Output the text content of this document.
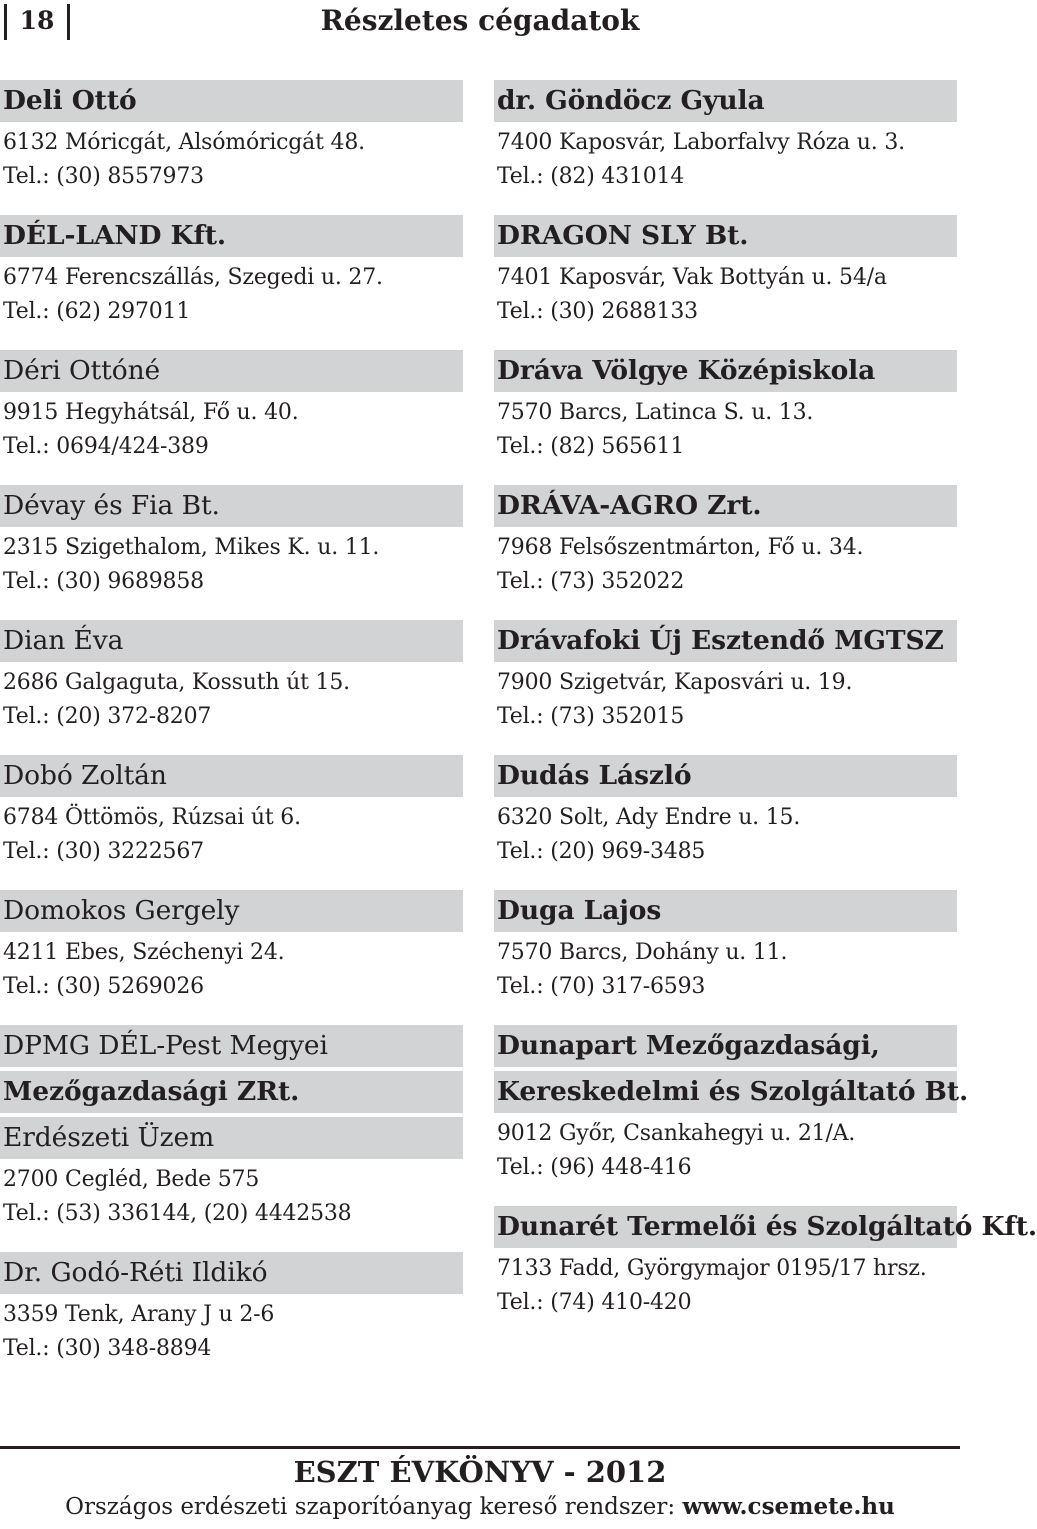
18	Részletes cégadatok
Deli Ottó
6132 Móricgát, Alsómóricgát 48.
Tel.: (30) 8557973
DÉL-LAND Kft.
6774 Ferencszállás, Szegedi u. 27.
Tel.: (62) 297011
Déri Ottóné
9915 Hegyhátsál, Fő u. 40.
Tel.: 0694/424-389
Dévay és Fia Bt.
2315 Szigethalom, Mikes K. u. 11.
Tel.: (30) 9689858
Dian Éva
2686 Galgaguta, Kossuth út 15.
Tel.: (20) 372-8207
Dobó Zoltán
6784 Öttömös, Rúzsai út 6.
Tel.: (30) 3222567
Domokos Gergely
4211 Ebes, Széchenyi 24.
Tel.: (30) 5269026
DPMG DÉL-Pest Megyei
Mezőgazdasági ZRt.
Erdészeti Üzem
2700 Cegléd, Bede 575
Tel.: (53) 336144, (20) 4442538
Dr. Godó-Réti Ildikó
3359 Tenk, Arany J u 2-6
Tel.: (30) 348-8894
dr. Göndöcz Gyula
7400 Kaposvár, Laborfalvy Róza u. 3.
Tel.: (82) 431014
DRAGON SLY Bt.
7401 Kaposvár, Vak Bottyán u. 54/a
Tel.: (30) 2688133
Dráva Völgye Középiskola
7570 Barcs, Latinca S. u. 13.
Tel.: (82) 565611
DRÁVA-AGRO Zrt.
7968 Felsőszentmárton, Fő u. 34.
Tel.: (73) 352022
Drávafoki Új Esztendő MGTSZ
7900 Szigetvár, Kaposvári u. 19.
Tel.: (73) 352015
Dudás László
6320 Solt, Ady Endre u. 15.
Tel.: (20) 969-3485
Duga Lajos
7570 Barcs, Dohány u. 11.
Tel.: (70) 317-6593
Dunapart Mezőgazdasági,
Kereskedelmi és Szolgáltató Bt.
9012 Győr, Csankahegyi u. 21/A.
Tel.: (96) 448-416
Dunarét Termelői és Szolgáltató Kft.
7133 Fadd, Györgymajor 0195/17 hrsz.
Tel.: (74) 410-420
ESZT ÉVKÖNYV - 2012
Országos erdészeti szaporítóanyag kereső rendszer: www.csemete.hu
